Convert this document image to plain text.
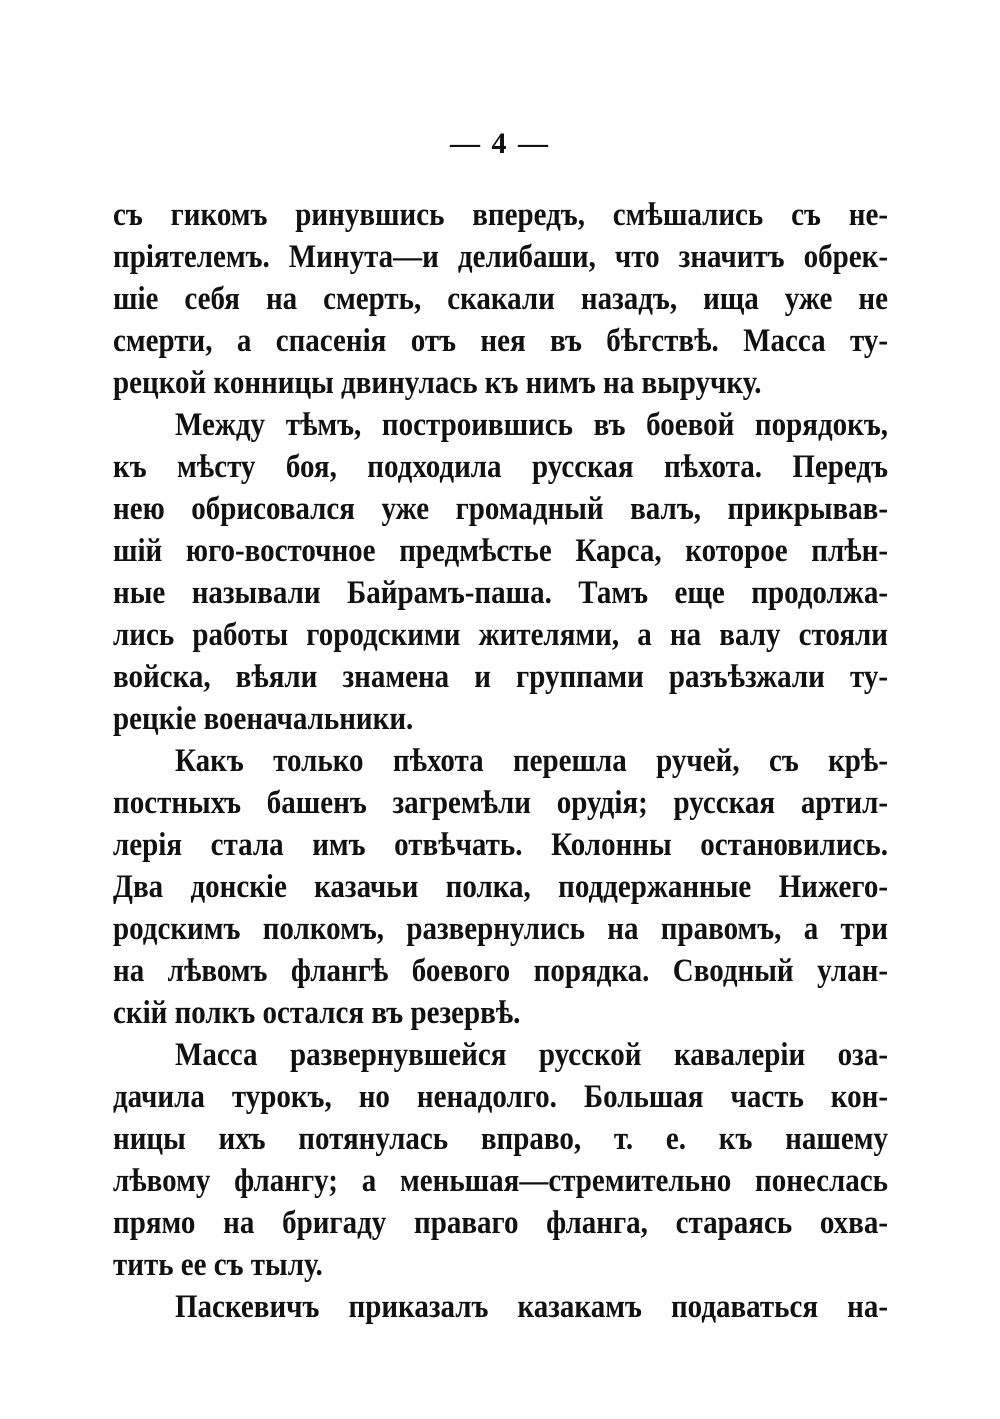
— 4 —
съ гикомъ ринувшись впередъ, смѣшались съ не-
пріятелемъ. Минута—и делибаши, что значитъ обрек-
шіе себя на смерть, скакали назадъ, ища уже не
смерти, а спасенія отъ нея въ бѣгствѣ. Масса ту-
рецкой конницы двинулась къ нимъ на выручку.
Между тѣмъ, построившись въ боевой порядокъ,
къ мѣсту боя, подходила русская пѣхота. Передъ
нею обрисовался уже громадный валъ, прикрывав-
шій юго-восточное предмѣстье Карса, которое плѣн-
ные называли Байрамъ-паша. Тамъ еще продолжа-
лись работы городскими жителями, а на валу стояли
войска, вѣяли знамена и группами разъѣзжали ту-
рецкіе военачальники.
Какъ только пѣхота перешла ручей, съ крѣ-
постныхъ башенъ загремѣли орудія; русская артил-
лерія стала имъ отвѣчать. Колонны остановились.
Два донскіе казачьи полка, поддержанные Нижего-
родскимъ полкомъ, развернулись на правомъ, а три
на лѣвомъ флангѣ боевого порядка. Сводный улан-
скій полкъ остался въ резервѣ.
Масса развернувшейся русской кавалеріи оза-
дачила турокъ, но ненадолго. Большая часть кон-
ницы ихъ потянулась вправо, т. е. къ нашему
лѣвому флангу; а меньшая—стремительно понеслась
прямо на бригаду праваго фланга, стараясь охва-
тить ее съ тылу.
Паскевичъ приказалъ казакамъ подаваться на-
